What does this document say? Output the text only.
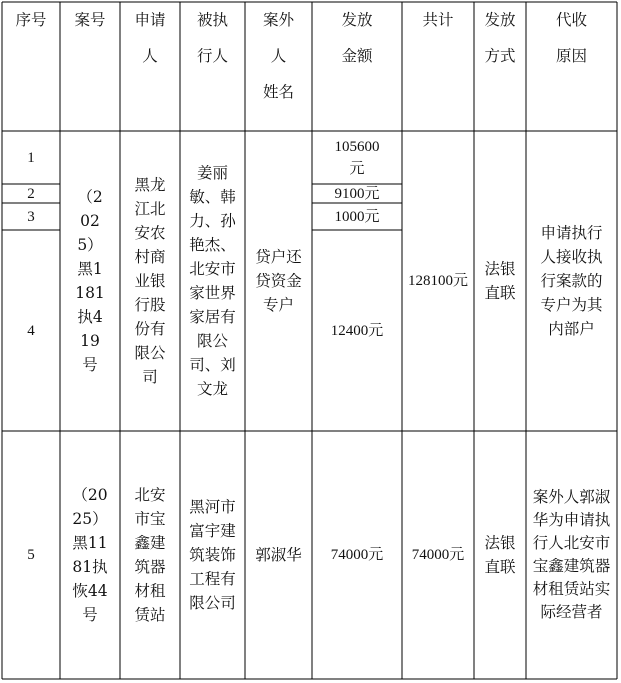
序号 案号 申请
人
被执
行人
案外
人
姓名
发放
金额
共计 发放
方式
代收
原因
1
2
3
4
（2025）黑1181执419号
黑龙江北安农村商业银行股份有限公司
姜丽敏、韩力、孙艳杰、北安市家世界家居有限公司、刘文龙
贷户还贷资金专户
105600元
9100元
1000元
12400元
128100元
法银直联
申请执行人接收执行案款的专户为其内部户
5
（2025）黑1181执恢44号
北安市宝鑫建筑器材租赁站
黑河市富宇建筑装饰工程有限公司
郭淑华 74000元 74000元
法银直联
案外人郭淑华为申请执行人北安市宝鑫建筑器材租赁站实际经营者
